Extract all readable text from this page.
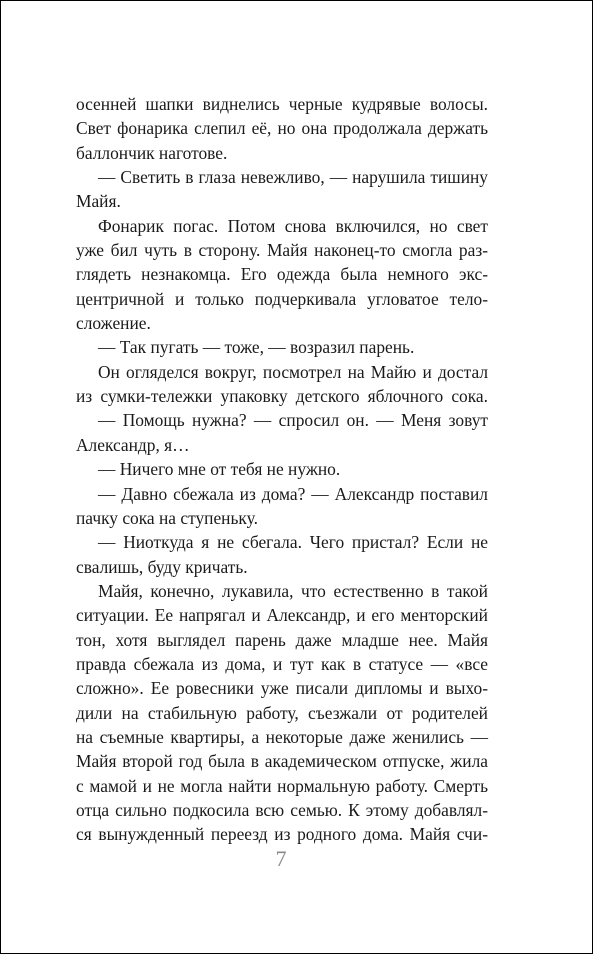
осенней шапки виднелись черные кудрявые волосы.
Свет фонарика слепил её, но она продолжала держать
баллончик наготове.
— Светить в глаза невежливо, — нарушила тишину
Майя.
Фонарик погас. Потом снова включился, но свет
уже бил чуть в сторону. Майя наконец-то смогла раз-
глядеть незнакомца. Его одежда была немного экс-
центричной и только подчеркивала угловатое тело-
сложение.
— Так пугать — тоже, — возразил парень.
Он огляделся вокруг, посмотрел на Майю и достал
из сумки-тележки упаковку детского яблочного сока.
— Помощь нужна? — спросил он. — Меня зовут
Александр, я…
— Ничего мне от тебя не нужно.
— Давно сбежала из дома? — Александр поставил
пачку сока на ступеньку.
— Ниоткуда я не сбегала. Чего пристал? Если не
свалишь, буду кричать.
Майя, конечно, лукавила, что естественно в такой
ситуации. Ее напрягал и Александр, и его менторский
тон, хотя выглядел парень даже младше нее. Майя
правда сбежала из дома, и тут как в статусе — «все
сложно». Ее ровесники уже писали дипломы и выхо-
дили на стабильную работу, съезжали от родителей
на съемные квартиры, а некоторые даже женились —
Майя второй год была в академическом отпуске, жила
с мамой и не могла найти нормальную работу. Смерть
отца сильно подкосила всю семью. К этому добавлял-
ся вынужденный переезд из родного дома. Майя счи-
7
